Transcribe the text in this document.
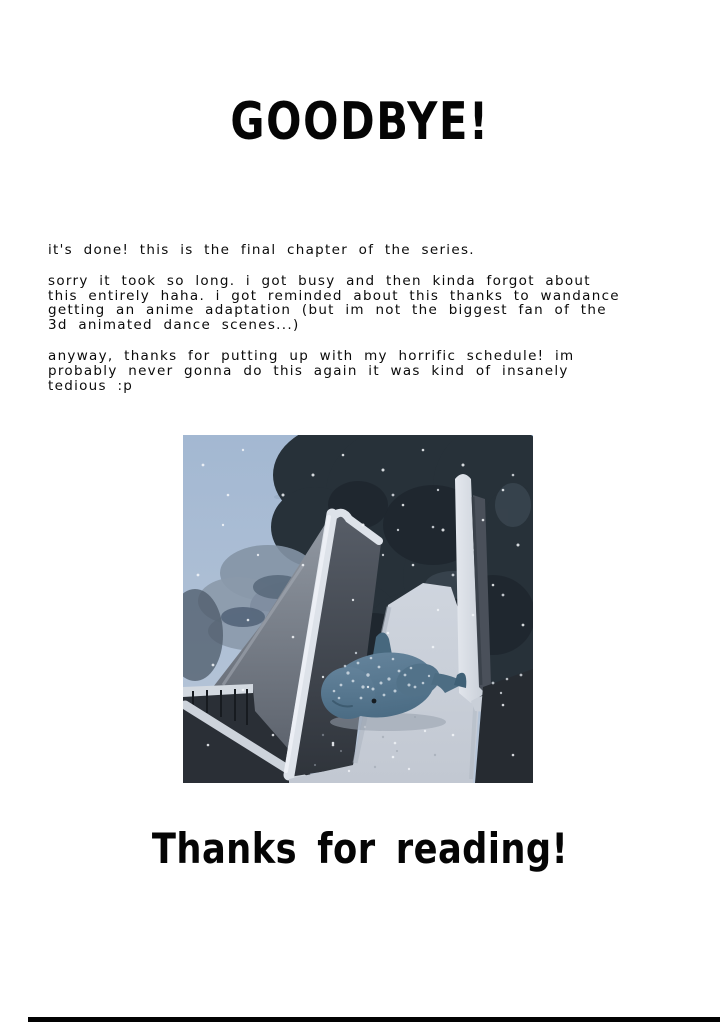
GOODBYE!
it's done! this is the final chapter of the series.
sorry it took so long. i got busy and then kinda forgot about
this entirely haha. i got reminded about this thanks to wandance
getting an anime adaptation (but im not the biggest fan of the
3d animated dance scenes...)
anyway, thanks for putting up with my horrific schedule! im
probably never gonna do this again it was kind of insanely
tedious :p
Thanks for reading!
